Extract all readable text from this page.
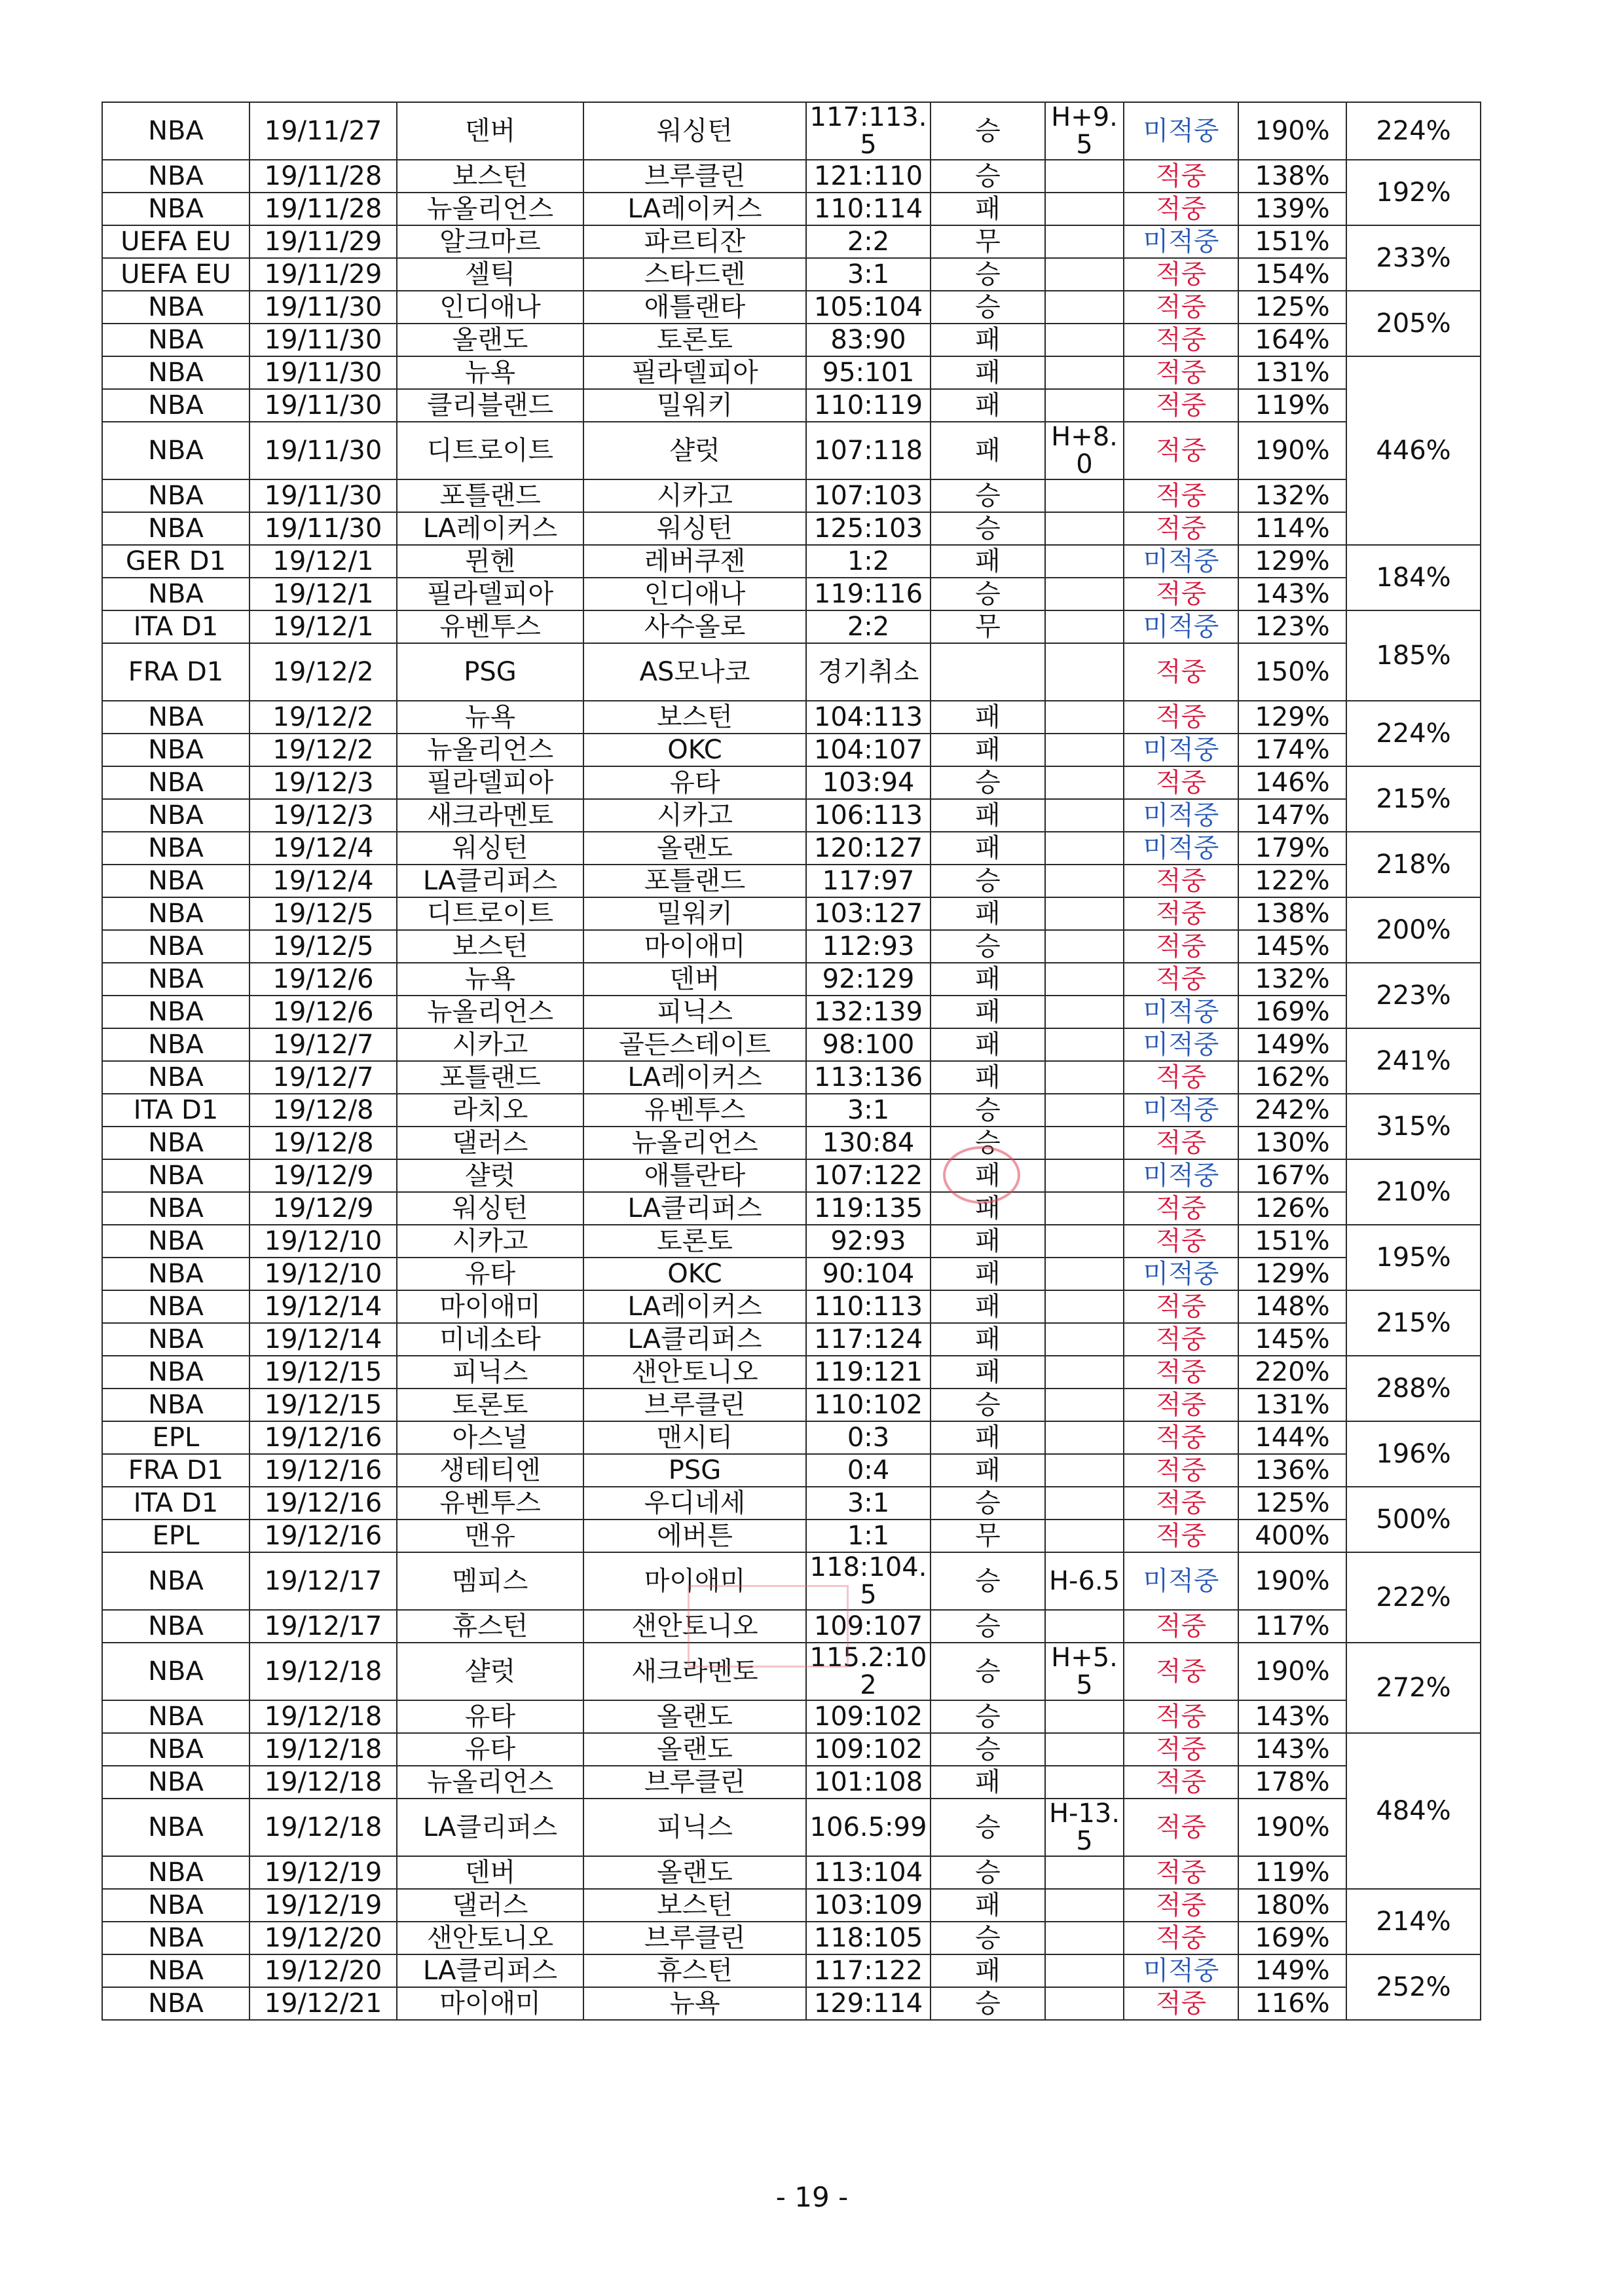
NBA	19/11/27	덴버	워싱턴	117:113.5	승	H+9.5	미적중	190%	224%
NBA	19/11/28	보스턴	브루클린	121:110	승		적중	138%	192%
NBA	19/11/28	뉴올리언스	LA레이커스	110:114	패		적중	139%	
UEFA EU	19/11/29	알크마르	파르티잔	2:2	무		미적중	151%	233%
UEFA EU	19/11/29	셀틱	스타드렌	3:1	승		적중	154%	
NBA	19/11/30	인디애나	애틀랜타	105:104	승		적중	125%	205%
NBA	19/11/30	올랜도	토론토	83:90	패		적중	164%	
NBA	19/11/30	뉴욕	필라델피아	95:101	패		적중	131%	446%
NBA	19/11/30	클리블랜드	밀워키	110:119	패		적중	119%	
NBA	19/11/30	디트로이트	샬럿	107:118	패	H+8.0	적중	190%	
NBA	19/11/30	포틀랜드	시카고	107:103	승		적중	132%	
NBA	19/11/30	LA레이커스	워싱턴	125:103	승		적중	114%	
GER D1	19/12/1	뮌헨	레버쿠젠	1:2	패		미적중	129%	184%
NBA	19/12/1	필라델피아	인디애나	119:116	승		적중	143%	
ITA D1	19/12/1	유벤투스	사수올로	2:2	무		미적중	123%	185%
FRA D1	19/12/2	PSG	AS모나코	경기취소			적중	150%	
NBA	19/12/2	뉴욕	보스턴	104:113	패		적중	129%	224%
NBA	19/12/2	뉴올리언스	OKC	104:107	패		미적중	174%	
NBA	19/12/3	필라델피아	유타	103:94	승		적중	146%	215%
NBA	19/12/3	새크라멘토	시카고	106:113	패		미적중	147%	
NBA	19/12/4	워싱턴	올랜도	120:127	패		미적중	179%	218%
NBA	19/12/4	LA클리퍼스	포틀랜드	117:97	승		적중	122%	
NBA	19/12/5	디트로이트	밀워키	103:127	패		적중	138%	200%
NBA	19/12/5	보스턴	마이애미	112:93	승		적중	145%	
NBA	19/12/6	뉴욕	덴버	92:129	패		적중	132%	223%
NBA	19/12/6	뉴올리언스	피닉스	132:139	패		미적중	169%	
NBA	19/12/7	시카고	골든스테이트	98:100	패		미적중	149%	241%
NBA	19/12/7	포틀랜드	LA레이커스	113:136	패		적중	162%	
ITA D1	19/12/8	라치오	유벤투스	3:1	승		미적중	242%	315%
NBA	19/12/8	댈러스	뉴올리언스	130:84	승		적중	130%	
NBA	19/12/9	샬럿	애틀란타	107:122	패		미적중	167%	210%
NBA	19/12/9	워싱턴	LA클리퍼스	119:135	패		적중	126%	
NBA	19/12/10	시카고	토론토	92:93	패		적중	151%	195%
NBA	19/12/10	유타	OKC	90:104	패		미적중	129%	
NBA	19/12/14	마이애미	LA레이커스	110:113	패		적중	148%	215%
NBA	19/12/14	미네소타	LA클리퍼스	117:124	패		적중	145%	
NBA	19/12/15	피닉스	샌안토니오	119:121	패		적중	220%	288%
NBA	19/12/15	토론토	브루클린	110:102	승		적중	131%	
EPL	19/12/16	아스널	맨시티	0:3	패		적중	144%	196%
FRA D1	19/12/16	생테티엔	PSG	0:4	패		적중	136%	
ITA D1	19/12/16	유벤투스	우디네세	3:1	승		적중	125%	500%
EPL	19/12/16	맨유	에버튼	1:1	무		적중	400%	
NBA	19/12/17	멤피스	마이애미	118:104.5	승	H-6.5	미적중	190%	222%
NBA	19/12/17	휴스턴	샌안토니오	109:107	승		적중	117%	
NBA	19/12/18	샬럿	새크라멘토	115.2:102	승	H+5.5	적중	190%	272%
NBA	19/12/18	유타	올랜도	109:102	승		적중	143%	
NBA	19/12/18	유타	올랜도	109:102	승		적중	143%	484%
NBA	19/12/18	뉴올리언스	브루클린	101:108	패		적중	178%	
NBA	19/12/18	LA클리퍼스	피닉스	106.5:99	승	H-13.5	적중	190%	
NBA	19/12/19	덴버	올랜도	113:104	승		적중	119%	
NBA	19/12/19	댈러스	보스턴	103:109	패		적중	180%	214%
NBA	19/12/20	샌안토니오	브루클린	118:105	승		적중	169%	
NBA	19/12/20	LA클리퍼스	휴스턴	117:122	패		미적중	149%	252%
NBA	19/12/21	마이애미	뉴욕	129:114	승		적중	116%	
- 19 -
